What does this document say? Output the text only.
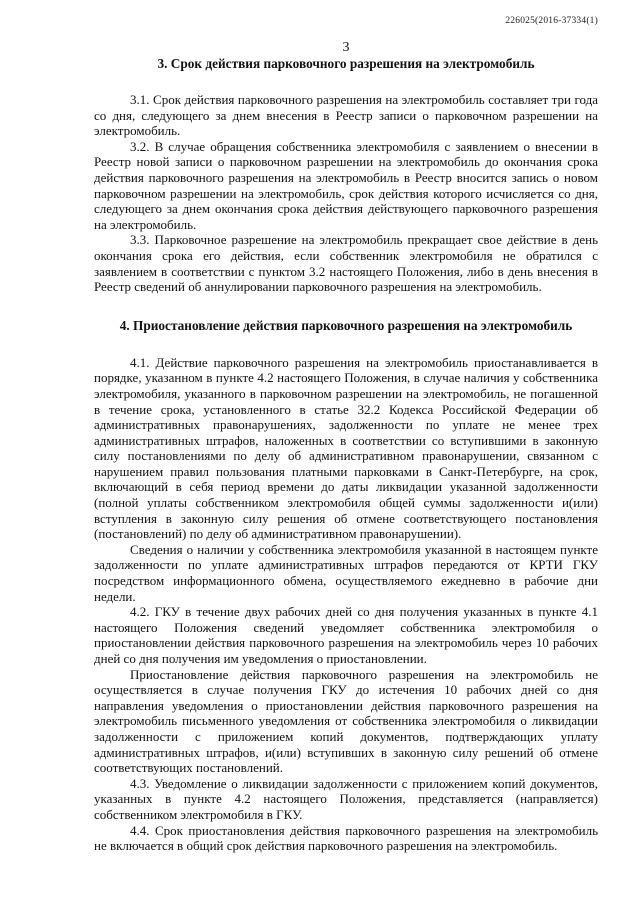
226025(2016-37334(1)
3
3. Срок действия парковочного разрешения на электромобиль

3.1. Срок действия парковочного разрешения на электромобиль составляет три года со дня, следующего за днем внесения в Реестр записи о парковочном разрешении на электромобиль.

3.2. В случае обращения собственника электромобиля с заявлением о внесении в Реестр новой записи о парковочном разрешении на электромобиль до окончания срока действия парковочного разрешения на электромобиль в Реестр вносится запись о новом парковочном разрешении на электромобиль, срок действия которого исчисляется со дня, следующего за днем окончания срока действия действующего парковочного разрешения на электромобиль.

3.3. Парковочное разрешение на электромобиль прекращает свое действие в день окончания срока его действия, если собственник электромобиля не обратился с заявлением в соответствии с пунктом 3.2 настоящего Положения, либо в день внесения в Реестр сведений об аннулировании парковочного разрешения на электромобиль.

4. Приостановление действия парковочного разрешения на электромобиль

4.1. Действие парковочного разрешения на электромобиль приостанавливается в порядке, указанном в пункте 4.2 настоящего Положения, в случае наличия у собственника электромобиля, указанного в парковочном разрешении на электромобиль, не погашенной в течение срока, установленного в статье 32.2 Кодекса Российской Федерации об административных правонарушениях, задолженности по уплате не менее трех административных штрафов, наложенных в соответствии со вступившими в законную силу постановлениями по делу об административном правонарушении, связанном с нарушением правил пользования платными парковками в Санкт-Петербурге, на срок, включающий в себя период времени до даты ликвидации указанной задолженности (полной уплаты собственником электромобиля общей суммы задолженности и(или) вступления в законную силу решения об отмене соответствующего постановления (постановлений) по делу об административном правонарушении).

Сведения о наличии у собственника электромобиля указанной в настоящем пункте задолженности по уплате административных штрафов передаются от КРТИ ГКУ посредством информационного обмена, осуществляемого ежедневно в рабочие дни недели.

4.2. ГКУ в течение двух рабочих дней со дня получения указанных в пункте 4.1 настоящего Положения сведений уведомляет собственника электромобиля о приостановлении действия парковочного разрешения на электромобиль через 10 рабочих дней со дня получения им уведомления о приостановлении.

Приостановление действия парковочного разрешения на электромобиль не осуществляется в случае получения ГКУ до истечения 10 рабочих дней со дня направления уведомления о приостановлении действия парковочного разрешения на электромобиль письменного уведомления от собственника электромобиля о ликвидации задолженности с приложением копий документов, подтверждающих уплату административных штрафов, и(или) вступивших в законную силу решений об отмене соответствующих постановлений.

4.3. Уведомление о ликвидации задолженности с приложением копий документов, указанных в пункте 4.2 настоящего Положения, представляется (направляется) собственником электромобиля в ГКУ.

4.4. Срок приостановления действия парковочного разрешения на электромобиль не включается в общий срок действия парковочного разрешения на электромобиль.
